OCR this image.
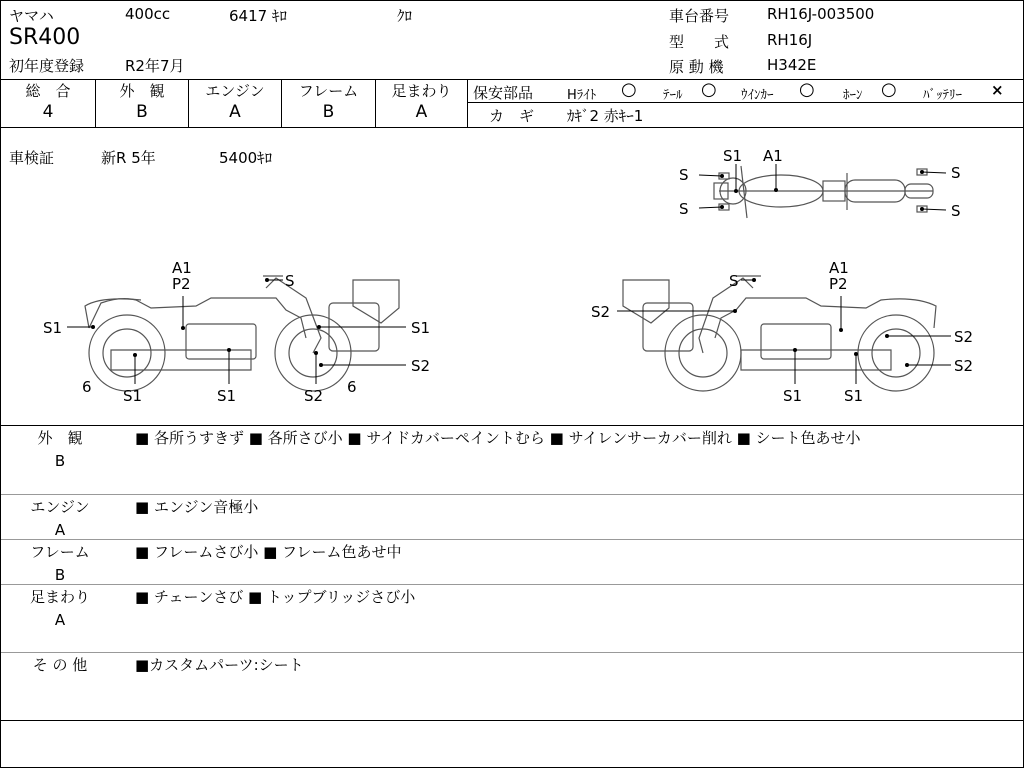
ヤマハ	400cc	6417 ｷﾛ	ｸﾛ
SR400
初年度登録	R2年7月
車台番号	RH16J-003500
型　　式	RH16J
原 動 機	H342E
総　合
4
外　観
B
エンジン
A
フレーム
B
足まわり
A
保安部品	Hﾗｲﾄ ○ ﾃｰﾙ ○ ｳｲﾝｶｰ ○ ﾎｰﾝ ○ ﾊﾞｯﾃﾘｰ ×
カ　ギ ｶｷﾞ2 赤ｷｰ1
車検証	新R 5年	5400ｷﾛ	S1 A1
S
S
S
S
A1
P2	S
S1	S1
S2
6 S1	S1	S2 6
S
A1
P2
S2
S2
S2
S1	S1
外　観
B
■ 各所うすきず ■ 各所さび小 ■ サイドカバーペイントむら ■ サイレンサーカバー削れ ■ シート色あせ小
エンジン
A
■ エンジン音極小
フレーム
B
■ フレームさび小 ■ フレーム色あせ中
足まわり
A
■ チェーンさび ■ トップブリッジさび小
そ の 他	■カスタムパーツ:シート
